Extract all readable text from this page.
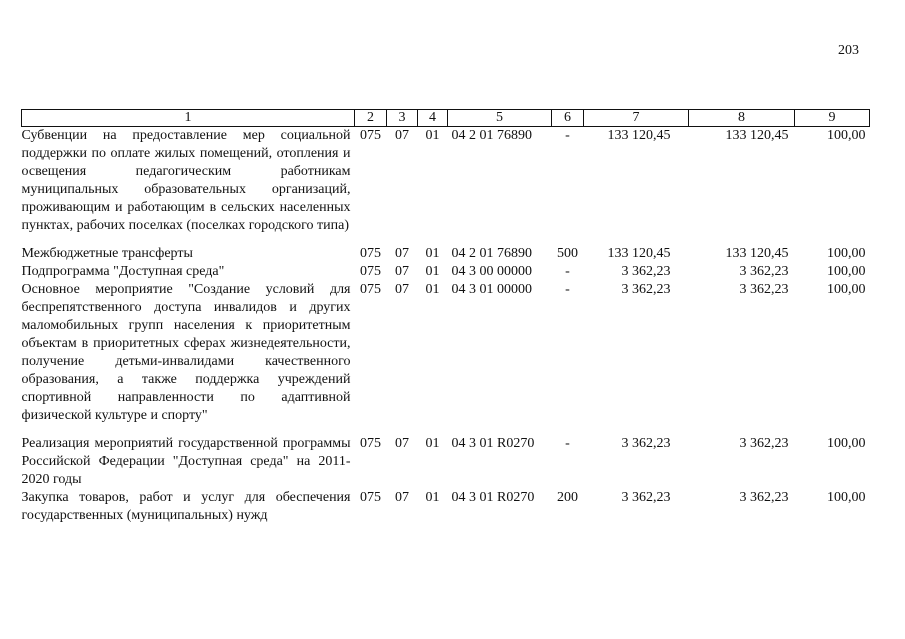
203
1	2	3	4	5	6	7	8	9
Субвенции на предоставление мер социальной поддержки по оплате жилых помещений, отопления и освещения педагогическим работникам муниципальных образовательных организаций, проживающим и работающим в сельских населенных пунктах, рабочих поселках (поселках городского типа)	075	07	01	04 2 01 76890	-	133 120,45	133 120,45	100,00
Межбюджетные трансферты	075	07	01	04 2 01 76890	500	133 120,45	133 120,45	100,00
Подпрограмма "Доступная среда"	075	07	01	04 3 00 00000	-	3 362,23	3 362,23	100,00
Основное мероприятие "Создание условий для беспрепятственного доступа инвалидов и других маломобильных групп населения к приоритетным объектам в приоритетных сферах жизнедеятельности, получение детьми-инвалидами качественного образования, а также поддержка учреждений спортивной направленности по адаптивной физической культуре и спорту"	075	07	01	04 3 01 00000	-	3 362,23	3 362,23	100,00
Реализация мероприятий государственной программы Российской Федерации "Доступная среда" на 2011-2020 годы	075	07	01	04 3 01 R0270	-	3 362,23	3 362,23	100,00
Закупка товаров, работ и услуг для обеспечения государственных (муниципальных) нужд	075	07	01	04 3 01 R0270	200	3 362,23	3 362,23	100,00
